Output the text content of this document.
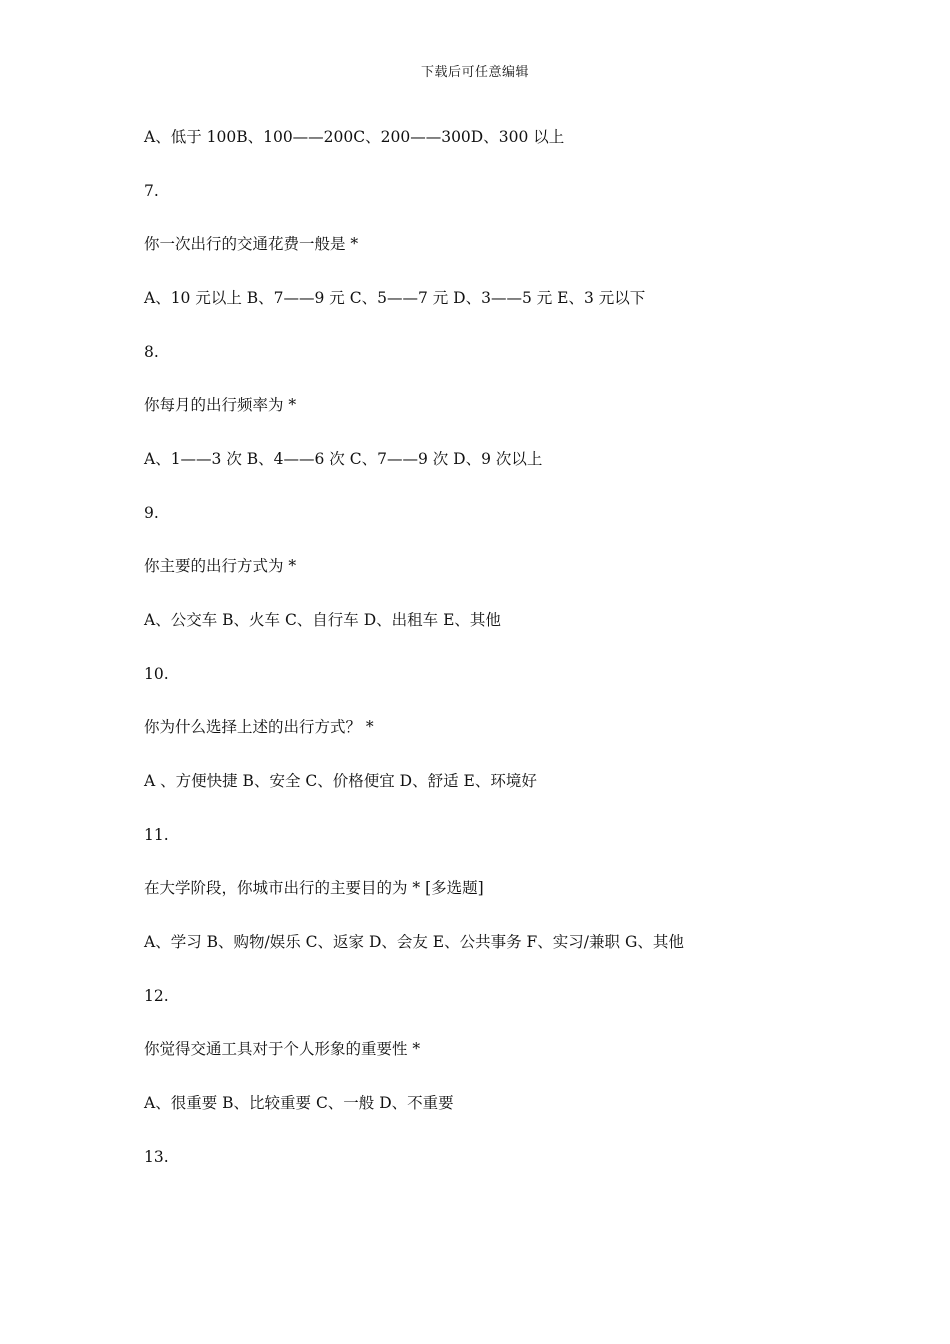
下载后可任意编辑
A、低于 100B、100——200C、200——300D、300 以上
7.
你一次出行的交通花费一般是 *
A、10 元以上 B、7——9 元 C、5——7 元 D、3——5 元 E、3 元以下
8.
你每月的出行频率为 *
A、1——3 次 B、4——6 次 C、7——9 次 D、9 次以上
9.
你主要的出行方式为 *
A、公交车 B、火车 C、自行车 D、出租车 E、其他
10.
你为什么选择上述的出行方式？ *
A 、方便快捷 B、安全 C、价格便宜 D、舒适 E、环境好
11.
在大学阶段，你城市出行的主要目的为 * [多选题]
A、学习 B、购物/娱乐 C、返家 D、会友 E、公共事务 F、实习/兼职 G、其他
12.
你觉得交通工具对于个人形象的重要性 *
A、很重要 B、比较重要 C、一般 D、不重要
13.
